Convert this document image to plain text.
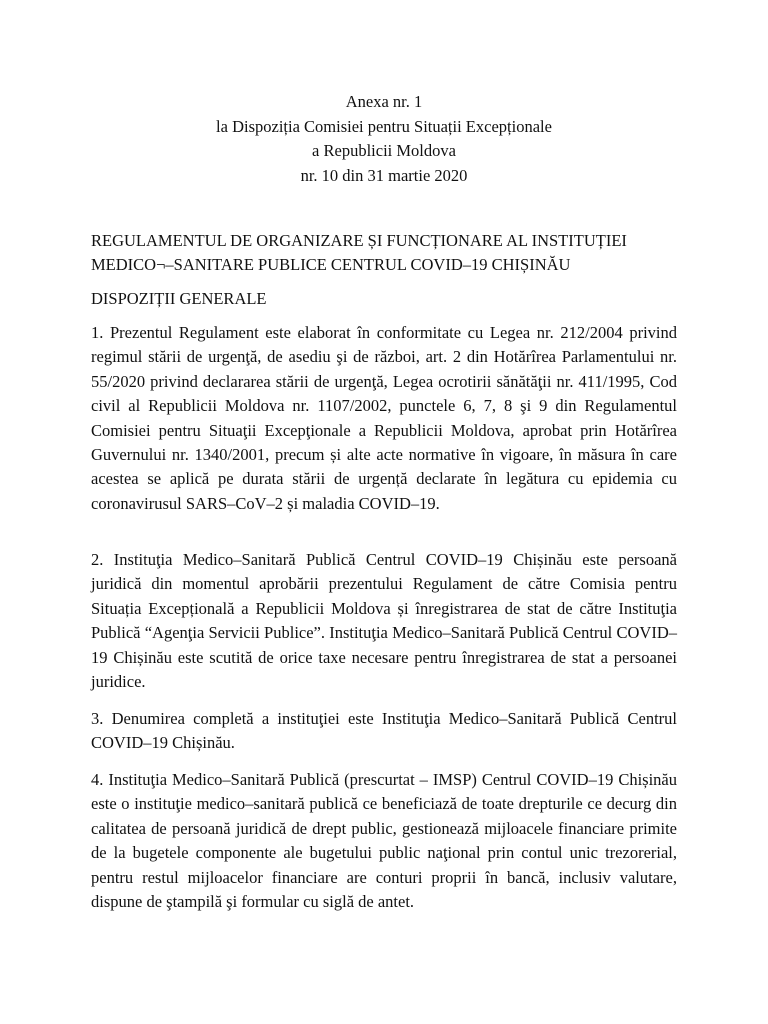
Anexa nr. 1
la Dispoziția Comisiei pentru Situații Excepționale
a Republicii Moldova
nr. 10 din 31 martie 2020
REGULAMENTUL DE ORGANIZARE ȘI FUNCȚIONARE AL INSTITUȚIEI MEDICO¬–SANITARE PUBLICE CENTRUL COVID–19 CHIȘINĂU
DISPOZIȚII GENERALE
1. Prezentul Regulament este elaborat în conformitate cu Legea nr. 212/2004 privind regimul stării de urgenţă, de asediu şi de război, art. 2 din Hotărîrea Parlamentului nr. 55/2020 privind declararea stării de urgenţă, Legea ocrotirii sănătăţii nr. 411/1995, Cod civil al Republicii Moldova nr. 1107/2002, punctele 6, 7, 8 şi 9 din Regulamentul Comisiei pentru Situaţii Excepţionale a Republicii Moldova, aprobat prin Hotărîrea Guvernului nr. 1340/2001, precum și alte acte normative în vigoare, în măsura în care acestea se aplică pe durata stării de urgență declarate în legătura cu epidemia cu coronavirusul SARS–CoV–2 și maladia COVID–19.
2. Instituţia Medico–Sanitară Publică Centrul COVID–19 Chișinău este persoană juridică din momentul aprobării prezentului Regulament de către Comisia pentru Situația Excepțională a Republicii Moldova și înregistrarea de stat de către Instituţia Publică “Agenţia Servicii Publice”. Instituţia Medico–Sanitară Publică Centrul COVID–19 Chișinău este scutită de orice taxe necesare pentru înregistrarea de stat a persoanei juridice.
3. Denumirea completă a instituţiei este Instituţia Medico–Sanitară Publică Centrul COVID–19 Chișinău.
4. Instituţia Medico–Sanitară Publică (prescurtat – IMSP) Centrul COVID–19 Chișinău este o instituţie medico–sanitară publică ce beneficiază de toate drepturile ce decurg din calitatea de persoană juridică de drept public, gestionează mijloacele financiare primite de la bugetele componente ale bugetului public naţional prin contul unic trezorerial, pentru restul mijloacelor financiare are conturi proprii în bancă, inclusiv valutare, dispune de ştampilă şi formular cu siglă de antet.
